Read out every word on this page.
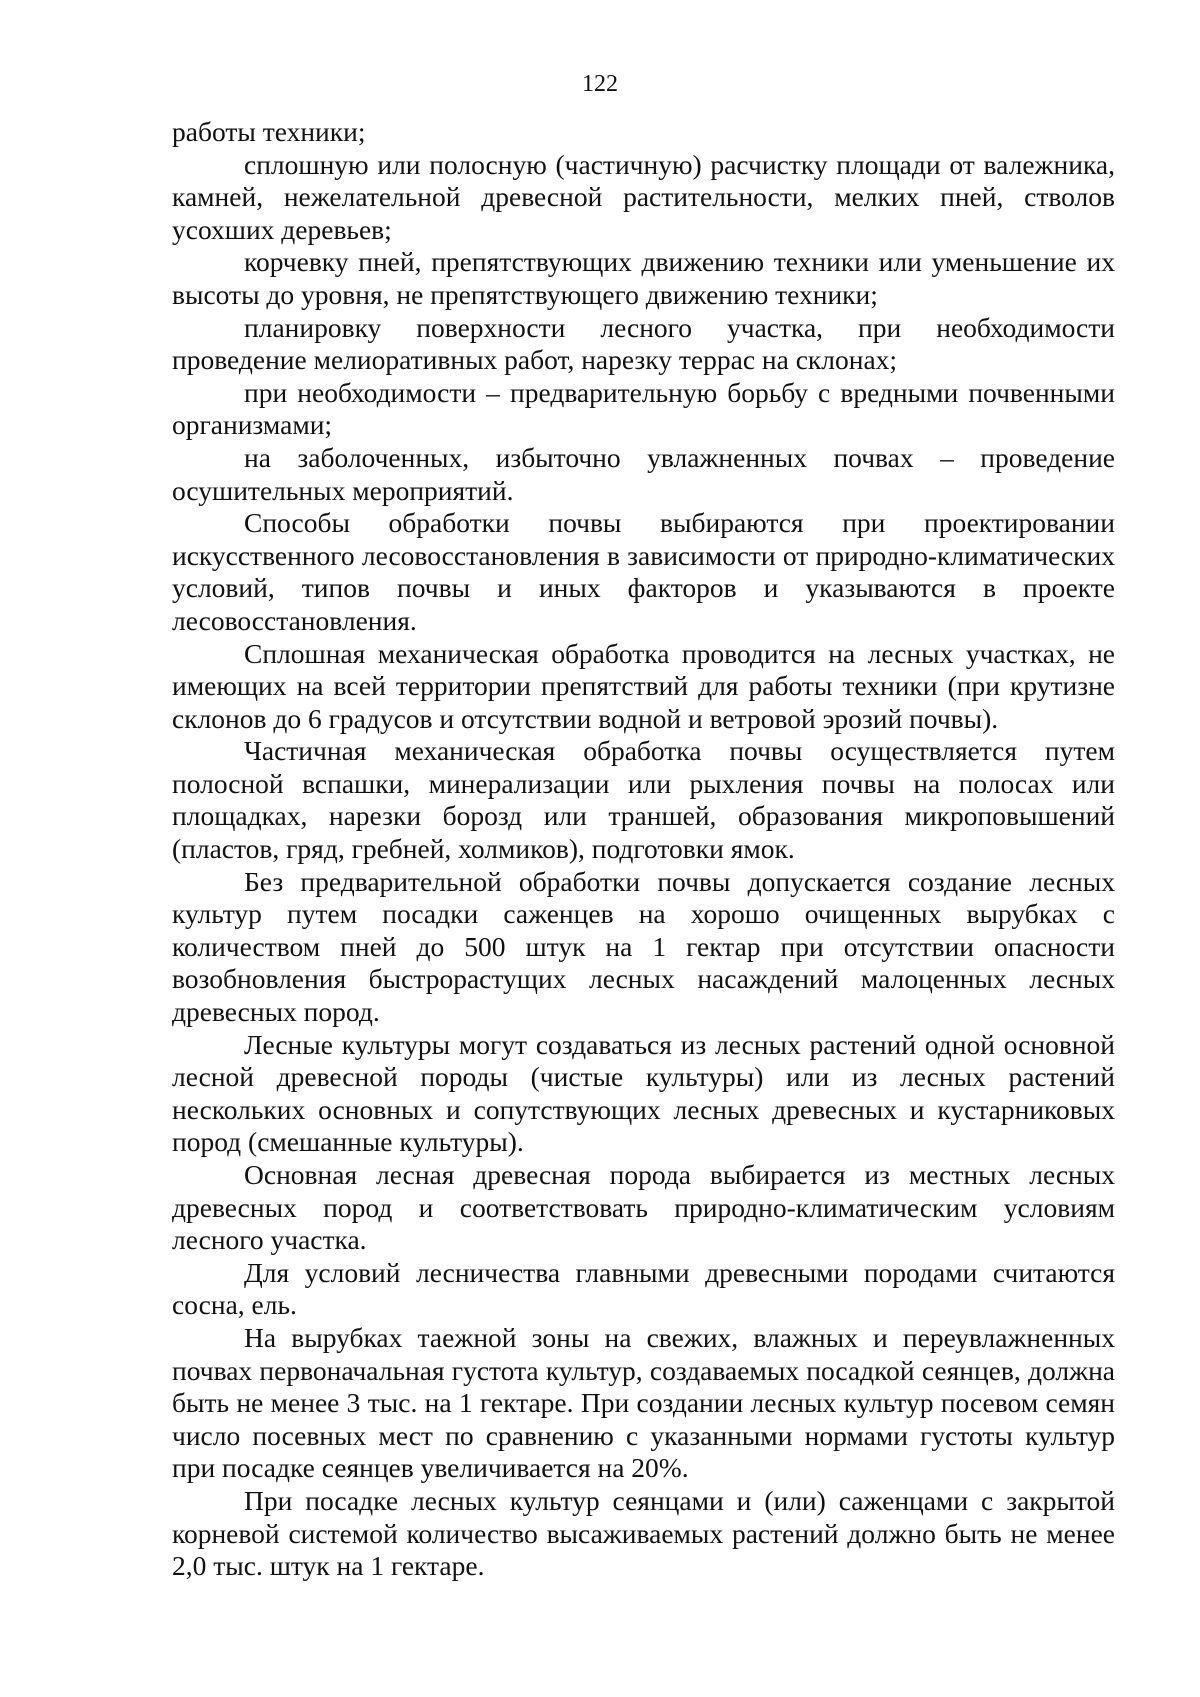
122

работы техники;

сплошную или полосную (частичную) расчистку площади от валежника, камней, нежелательной древесной растительности, мелких пней, стволов усохших деревьев;

корчевку пней, препятствующих движению техники или уменьшение их высоты до уровня, не препятствующего движению техники;

планировку поверхности лесного участка, при необходимости проведение мелиоративных работ, нарезку террас на склонах;

при необходимости – предварительную борьбу с вредными почвенными организмами;

на заболоченных, избыточно увлажненных почвах – проведение осушительных мероприятий.

Способы обработки почвы выбираются при проектировании искусственного лесовосстановления в зависимости от природно-климатических условий, типов почвы и иных факторов и указываются в проекте лесовосстановления.

Сплошная механическая обработка проводится на лесных участках, не имеющих на всей территории препятствий для работы техники (при крутизне склонов до 6 градусов и отсутствии водной и ветровой эрозий почвы).

Частичная механическая обработка почвы осуществляется путем полосной вспашки, минерализации или рыхления почвы на полосах или площадках, нарезки борозд или траншей, образования микроповышений (пластов, гряд, гребней, холмиков), подготовки ямок.

Без предварительной обработки почвы допускается создание лесных культур путем посадки саженцев на хорошо очищенных вырубках с количеством пней до 500 штук на 1 гектар при отсутствии опасности возобновления быстрорастущих лесных насаждений малоценных лесных древесных пород.

Лесные культуры могут создаваться из лесных растений одной основной лесной древесной породы (чистые культуры) или из лесных растений нескольких основных и сопутствующих лесных древесных и кустарниковых пород (смешанные культуры).

Основная лесная древесная порода выбирается из местных лесных древесных пород и соответствовать природно-климатическим условиям лесного участка.

Для условий лесничества главными древесными породами считаются сосна, ель.

На вырубках таежной зоны на свежих, влажных и переувлажненных почвах первоначальная густота культур, создаваемых посадкой сеянцев, должна быть не менее 3 тыс. на 1 гектаре. При создании лесных культур посевом семян число посевных мест по сравнению с указанными нормами густоты культур при посадке сеянцев увеличивается на 20%.

При посадке лесных культур сеянцами и (или) саженцами с закрытой корневой системой количество высаживаемых растений должно быть не менее 2,0 тыс. штук на 1 гектаре.
